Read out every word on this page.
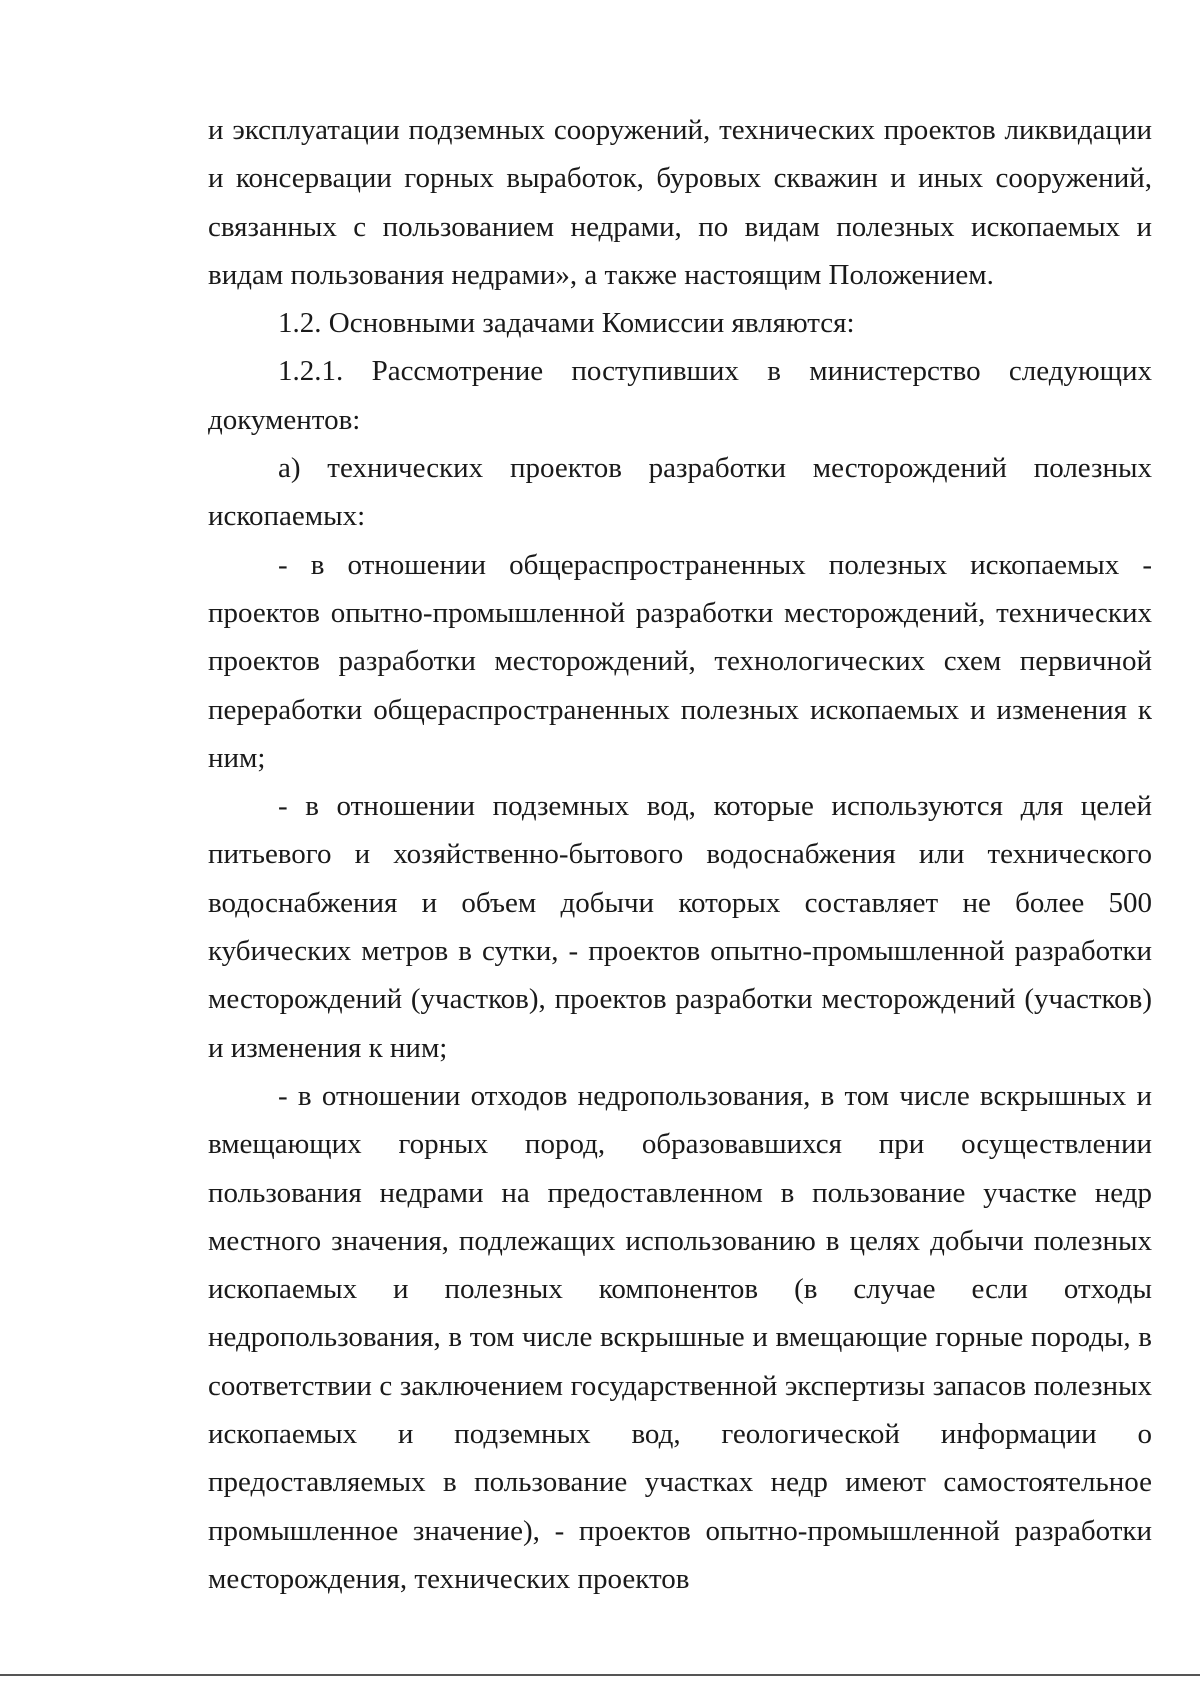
и эксплуатации подземных сооружений, технических проектов ликвидации и консервации горных выработок, буровых скважин и иных сооружений, связанных с пользованием недрами, по видам полезных ископаемых и видам пользования недрами», а также настоящим Положением.

1.2. Основными задачами Комиссии являются:

1.2.1. Рассмотрение поступивших в министерство следующих документов:

а) технических проектов разработки месторождений полезных ископаемых:

- в отношении общераспространенных полезных ископаемых - проектов опытно-промышленной разработки месторождений, технических проектов разработки месторождений, технологических схем первичной переработки общераспространенных полезных ископаемых и изменения к ним;

- в отношении подземных вод, которые используются для целей питьевого и хозяйственно-бытового водоснабжения или технического водоснабжения и объем добычи которых составляет не более 500 кубических метров в сутки, - проектов опытно-промышленной разработки месторождений (участков), проектов разработки месторождений (участков) и изменения к ним;

- в отношении отходов недропользования, в том числе вскрышных и вмещающих горных пород, образовавшихся при осуществлении пользования недрами на предоставленном в пользование участке недр местного значения, подлежащих использованию в целях добычи полезных ископаемых и полезных компонентов (в случае если отходы недропользования, в том числе вскрышные и вмещающие горные породы, в соответствии с заключением государственной экспертизы запасов полезных ископаемых и подземных вод, геологической информации о предоставляемых в пользование участках недр имеют самостоятельное промышленное значение), - проектов опытно-промышленной разработки месторождения, технических проектов
